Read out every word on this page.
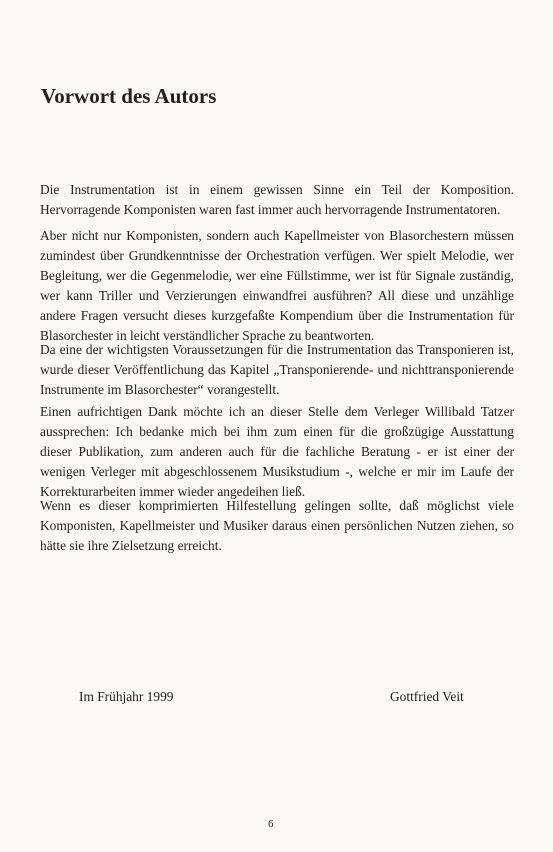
Vorwort des Autors

Die Instrumentation ist in einem gewissen Sinne ein Teil der Komposition. Hervorragende Komponisten waren fast immer auch hervorragende Instrumentatoren.

Aber nicht nur Komponisten, sondern auch Kapellmeister von Blasorchestern müssen zumindest über Grundkenntnisse der Orchestration verfügen. Wer spielt Melodie, wer Begleitung, wer die Gegenmelodie, wer eine Füllstimme, wer ist für Signale zuständig, wer kann Triller und Verzierungen einwandfrei ausführen? All diese und unzählige andere Fragen versucht dieses kurzgefaßte Kompendium über die Instrumentation für Blasorchester in leicht verständlicher Sprache zu beantworten.

Da eine der wichtigsten Voraussetzungen für die Instrumentation das Transponieren ist, wurde dieser Veröffentlichung das Kapitel „Transponierende- und nichttransponierende Instrumente im Blasorchester“ vorangestellt.

Einen aufrichtigen Dank möchte ich an dieser Stelle dem Verleger Willibald Tatzer aussprechen: Ich bedanke mich bei ihm zum einen für die großzügige Ausstattung dieser Publikation, zum anderen auch für die fachliche Beratung - er ist einer der wenigen Verleger mit abgeschlossenem Musikstudium -, welche er mir im Laufe der Korrekturarbeiten immer wieder angedeihen ließ.

Wenn es dieser komprimierten Hilfestellung gelingen sollte, daß möglichst viele Komponisten, Kapellmeister und Musiker daraus einen persönlichen Nutzen ziehen, so hätte sie ihre Zielsetzung erreicht.

Im Frühjahr 1999	Gottfried Veit
6
